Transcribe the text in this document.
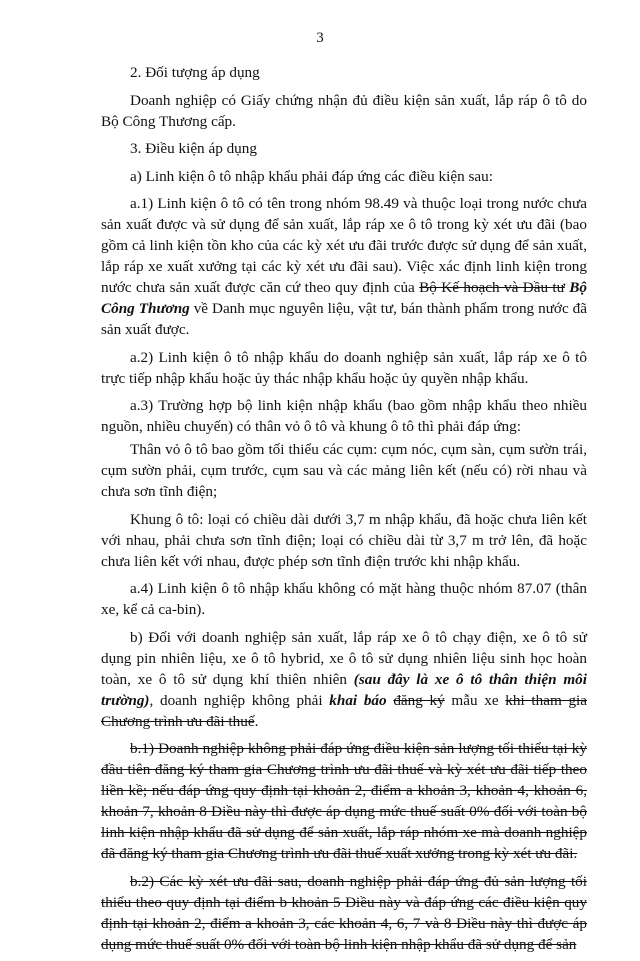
3

2. Đối tượng áp dụng

Doanh nghiệp có Giấy chứng nhận đủ điều kiện sản xuất, lắp ráp ô tô do Bộ Công Thương cấp.

3. Điều kiện áp dụng

a) Linh kiện ô tô nhập khẩu phải đáp ứng các điều kiện sau:

a.1) Linh kiện ô tô có tên trong nhóm 98.49 và thuộc loại trong nước chưa sản xuất được và sử dụng để sản xuất, lắp ráp xe ô tô trong kỳ xét ưu đãi (bao gồm cả linh kiện tồn kho của các kỳ xét ưu đãi trước được sử dụng để sản xuất, lắp ráp xe xuất xưởng tại các kỳ xét ưu đãi sau). Việc xác định linh kiện trong nước chưa sản xuất được căn cứ theo quy định của Bộ Kế hoạch và Đầu tư Bộ Công Thương về Danh mục nguyên liệu, vật tư, bán thành phẩm trong nước đã sản xuất được.

a.2) Linh kiện ô tô nhập khẩu do doanh nghiệp sản xuất, lắp ráp xe ô tô trực tiếp nhập khẩu hoặc ủy thác nhập khẩu hoặc ủy quyền nhập khẩu.

a.3) Trường hợp bộ linh kiện nhập khẩu (bao gồm nhập khẩu theo nhiều nguồn, nhiều chuyến) có thân vỏ ô tô và khung ô tô thì phải đáp ứng:

Thân vỏ ô tô bao gồm tối thiểu các cụm: cụm nóc, cụm sàn, cụm sườn trái, cụm sườn phải, cụm trước, cụm sau và các mảng liên kết (nếu có) rời nhau và chưa sơn tĩnh điện;

Khung ô tô: loại có chiều dài dưới 3,7 m nhập khẩu, đã hoặc chưa liên kết với nhau, phải chưa sơn tĩnh điện; loại có chiều dài từ 3,7 m trở lên, đã hoặc chưa liên kết với nhau, được phép sơn tĩnh điện trước khi nhập khẩu.

a.4) Linh kiện ô tô nhập khẩu không có mặt hàng thuộc nhóm 87.07 (thân xe, kể cả ca-bin).

b) Đối với doanh nghiệp sản xuất, lắp ráp xe ô tô chạy điện, xe ô tô sử dụng pin nhiên liệu, xe ô tô hybrid, xe ô tô sử dụng nhiên liệu sinh học hoàn toàn, xe ô tô sử dụng khí thiên nhiên (sau đây là xe ô tô thân thiện môi trường), doanh nghiệp không phải khai báo đăng ký mẫu xe khi tham gia Chương trình ưu đãi thuế.

b.1) Doanh nghiệp không phải đáp ứng điều kiện sản lượng tối thiểu tại kỳ đầu tiên đăng ký tham gia Chương trình ưu đãi thuế và kỳ xét ưu đãi tiếp theo liền kề; nếu đáp ứng quy định tại khoản 2, điểm a khoản 3, khoản 4, khoản 6, khoản 7, khoản 8 Điều này thì được áp dụng mức thuế suất 0% đối với toàn bộ linh kiện nhập khẩu đã sử dụng để sản xuất, lắp ráp nhóm xe mà doanh nghiệp đã đăng ký tham gia Chương trình ưu đãi thuế xuất xưởng trong kỳ xét ưu đãi.

b.2) Các kỳ xét ưu đãi sau, doanh nghiệp phải đáp ứng đủ sản lượng tối thiểu theo quy định tại điểm b khoản 5 Điều này và đáp ứng các điều kiện quy định tại khoản 2, điểm a khoản 3, các khoản 4, 6, 7 và 8 Điều này thì được áp dụng mức thuế suất 0% đối với toàn bộ linh kiện nhập khẩu đã sử dụng để sản
